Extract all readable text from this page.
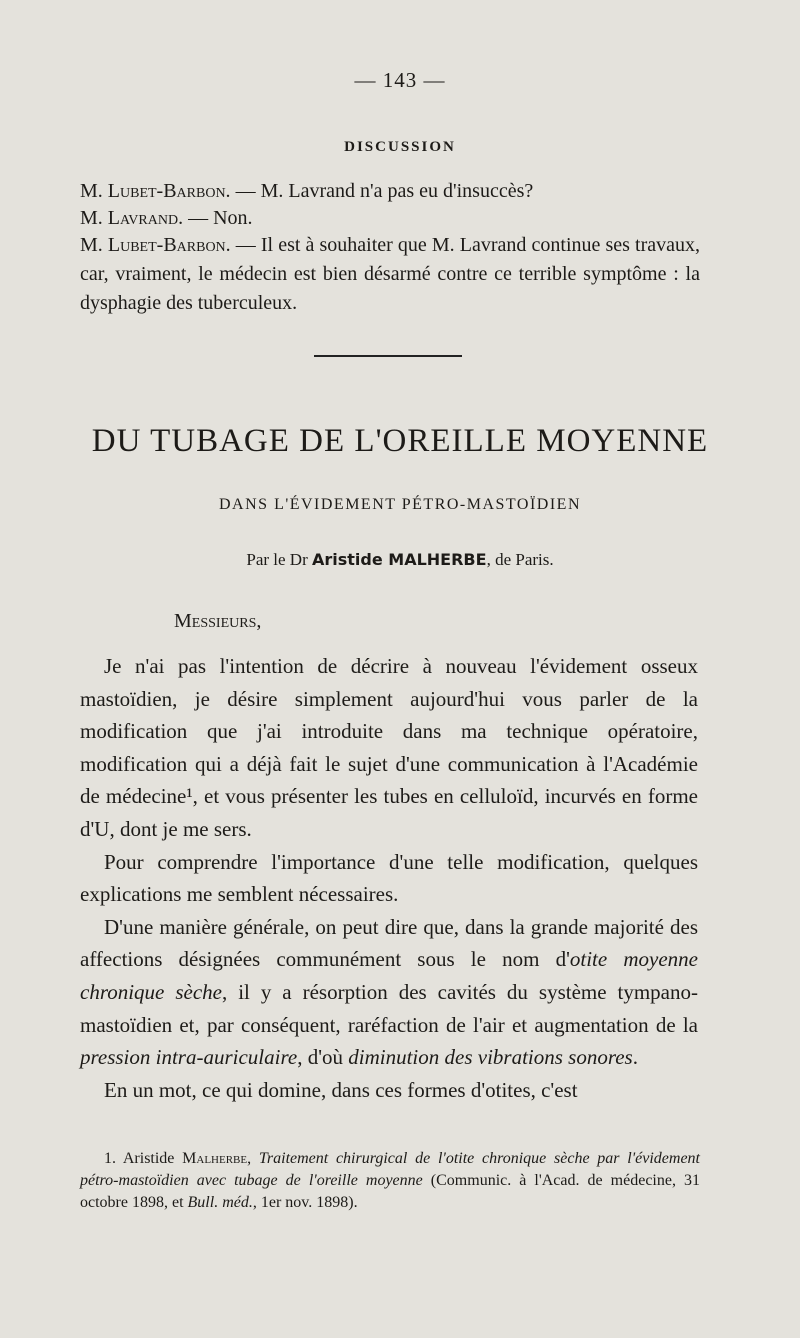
— 143 —
DISCUSSION
M. Lubet-Barbon. — M. Lavrand n'a pas eu d'insuccès?
M. Lavrand. — Non.

M. Lubet-Barbon. — Il est à souhaiter que M. Lavrand continue ses travaux, car, vraiment, le médecin est bien désarmé contre ce terrible symptôme : la dysphagie des tuberculeux.

DU TUBAGE DE L'OREILLE MOYENNE
DANS L'ÉVIDEMENT PÉTRO-MASTOÏDIEN
Par le Dr Aristide MALHERBE, de Paris.
Messieurs,

Je n'ai pas l'intention de décrire à nouveau l'évidement osseux mastoïdien, je désire simplement aujourd'hui vous parler de la modification que j'ai introduite dans ma technique opératoire, modification qui a déjà fait le sujet d'une communication à l'Académie de médecine¹, et vous présenter les tubes en celluloïd, incurvés en forme d'U, dont je me sers.

Pour comprendre l'importance d'une telle modification, quelques explications me semblent nécessaires.

D'une manière générale, on peut dire que, dans la grande majorité des affections désignées communément sous le nom d'otite moyenne chronique sèche, il y a résorption des cavités du système tympano-mastoïdien et, par conséquent, raréfaction de l'air et augmentation de la pression intra-auriculaire, d'où diminution des vibrations sonores.

En un mot, ce qui domine, dans ces formes d'otites, c'est

1. Aristide Malherbe, Traitement chirurgical de l'otite chronique sèche par l'évidement pétro-mastoïdien avec tubage de l'oreille moyenne (Communic. à l'Acad. de médecine, 31 octobre 1898, et Bull. méd., 1er nov. 1898).
